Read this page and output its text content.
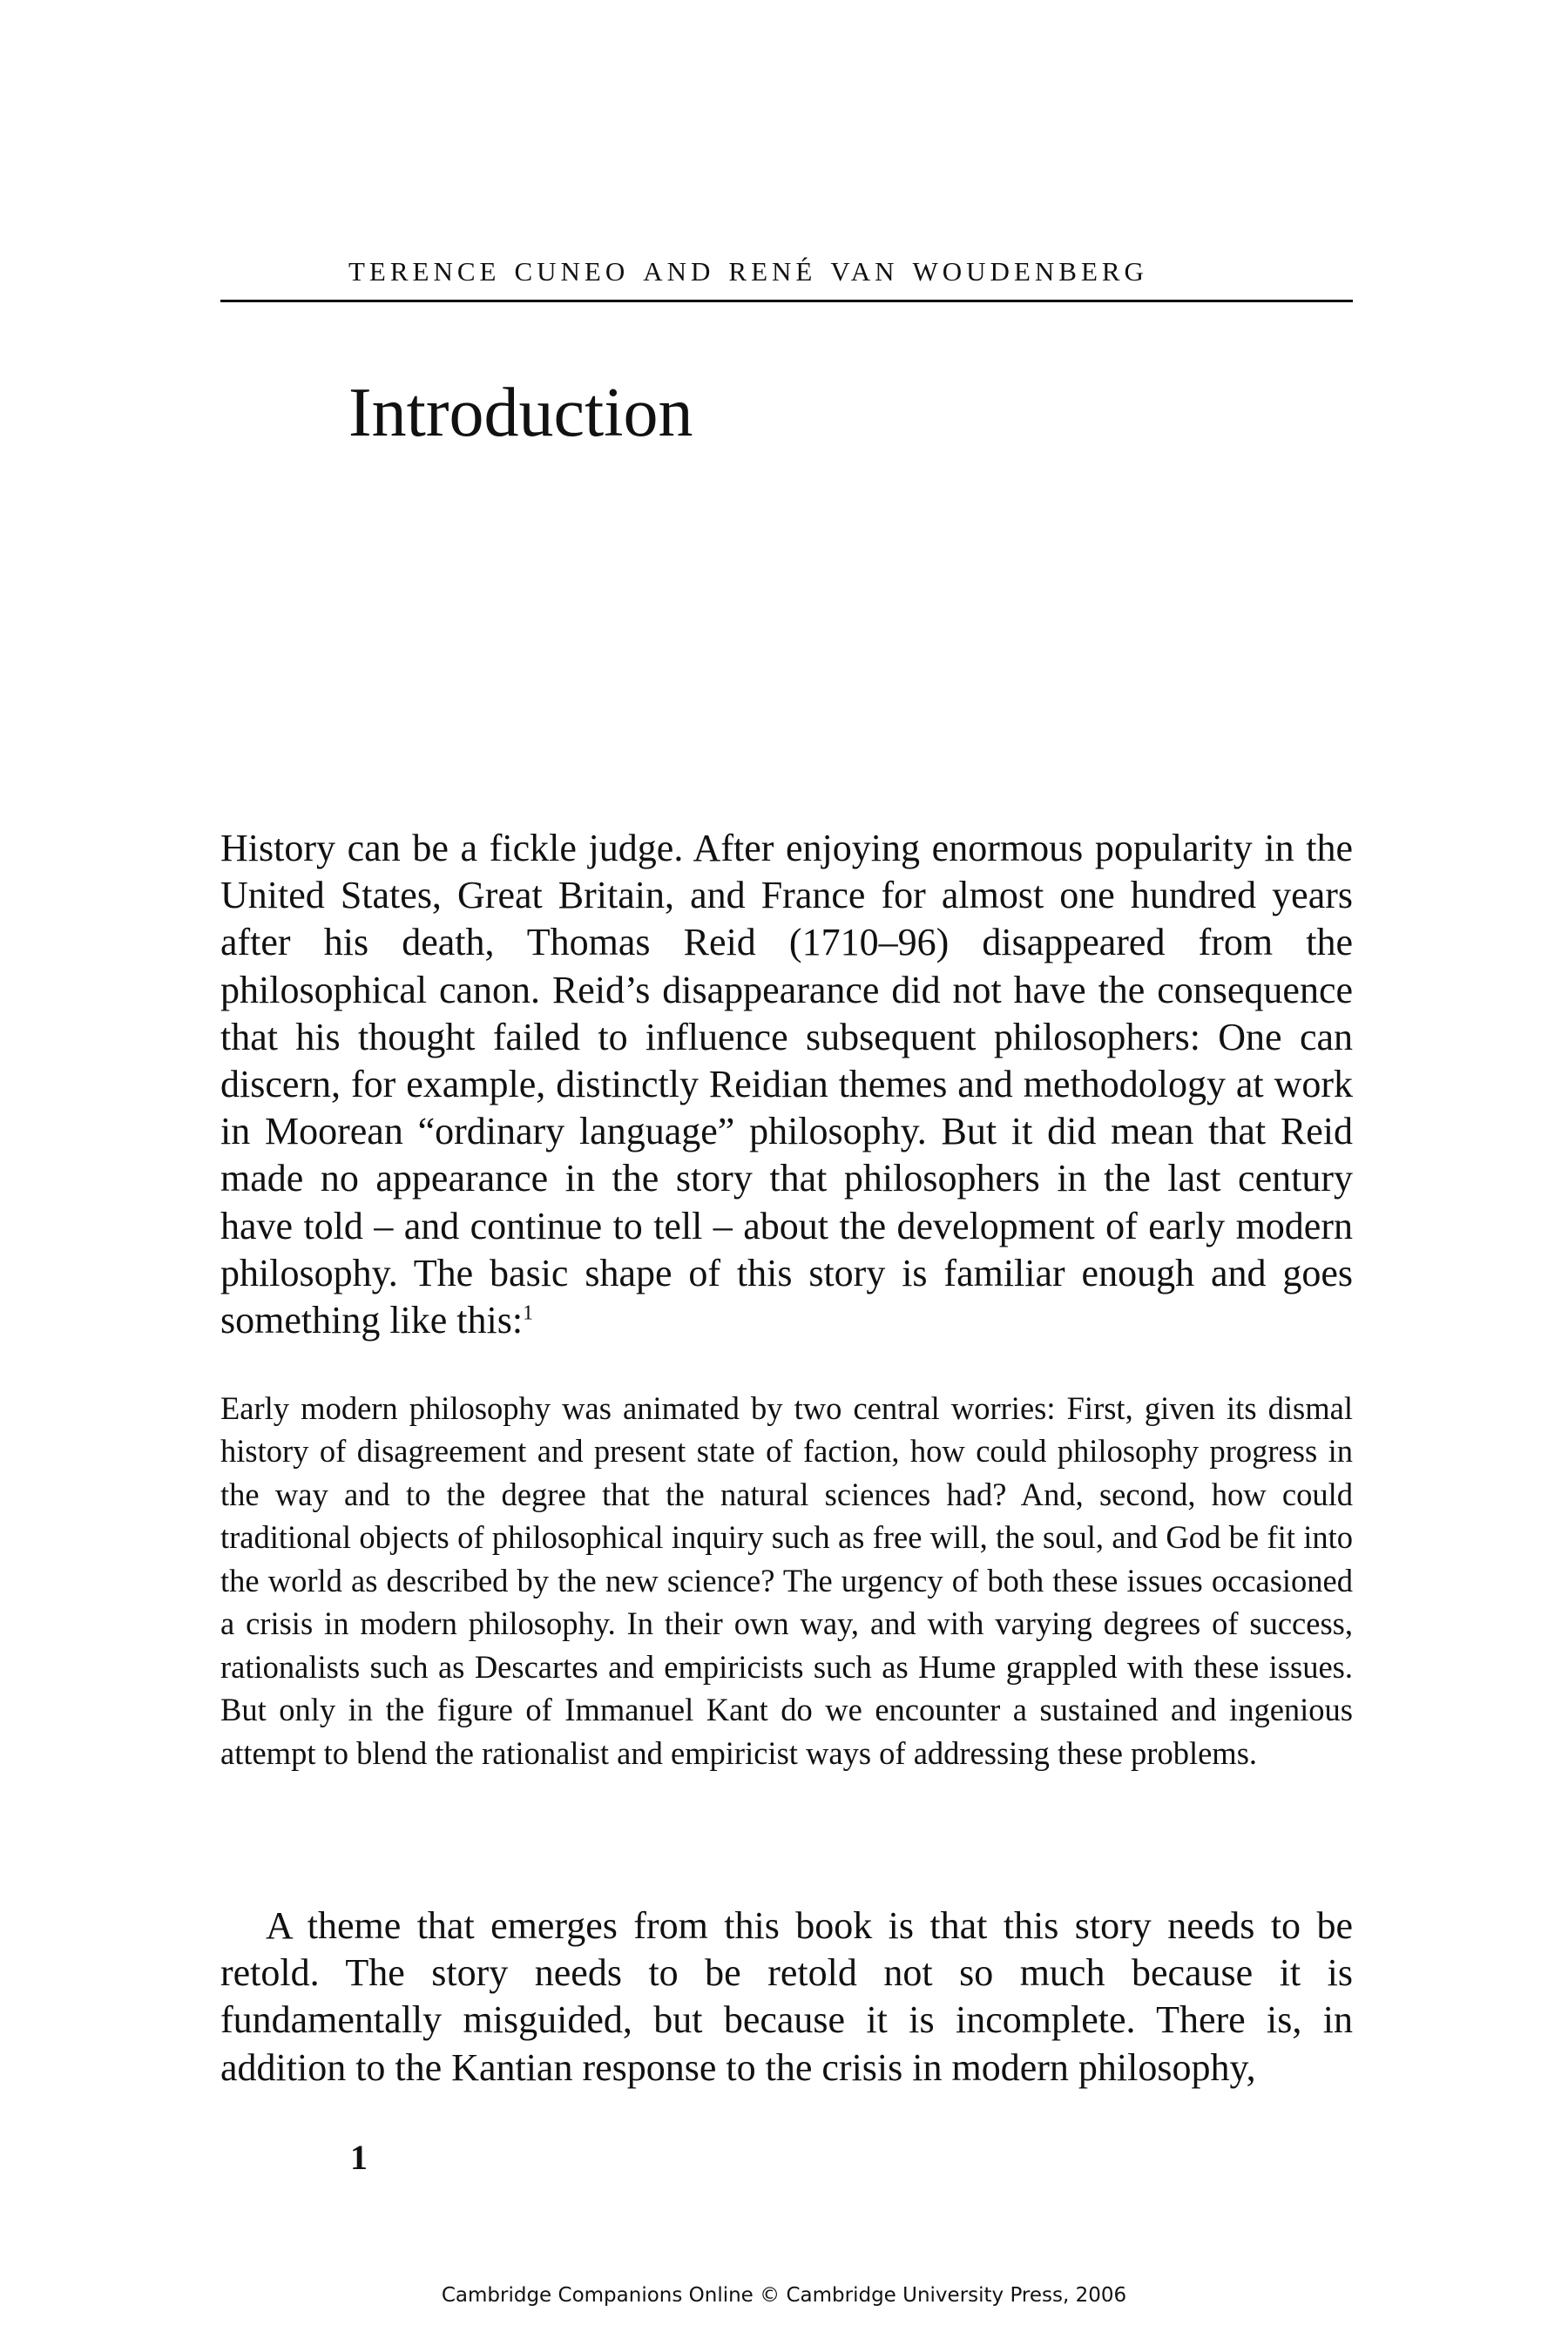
terence cuneo and rené van woudenberg
Introduction

History can be a fickle judge. After enjoying enormous popularity in the United States, Great Britain, and France for almost one hundred years after his death, Thomas Reid (1710–96) disappeared from the philosophical canon. Reid’s disappearance did not have the consequence that his thought failed to influence subsequent philosophers: One can discern, for example, distinctly Reidian themes and methodology at work in Moorean “ordinary language” philosophy. But it did mean that Reid made no appearance in the story that philosophers in the last century have told – and continue to tell – about the development of early modern philosophy. The basic shape of this story is familiar enough and goes something like this:$^1$

Early modern philosophy was animated by two central worries: First, given its dismal history of disagreement and present state of faction, how could philosophy progress in the way and to the degree that the natural sciences had? And, second, how could traditional objects of philosophical inquiry such as free will, the soul, and God be fit into the world as described by the new science? The urgency of both these issues occasioned a crisis in modern philosophy. In their own way, and with varying degrees of success, rationalists such as Descartes and empiricists such as Hume grappled with these issues. But only in the figure of Immanuel Kant do we encounter a sustained and ingenious attempt to blend the rationalist and empiricist ways of addressing these problems.

A theme that emerges from this book is that this story needs to be retold. The story needs to be retold not so much because it is fundamentally misguided, but because it is incomplete. There is, in addition to the Kantian response to the crisis in modern philosophy,

1
Cambridge Companions Online © Cambridge University Press, 2006
